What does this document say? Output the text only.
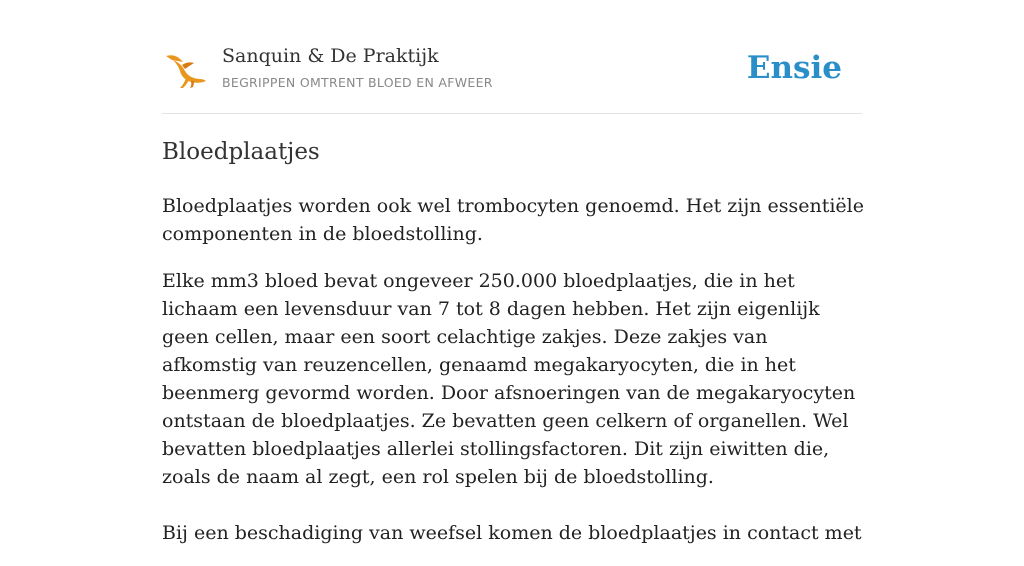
Sanquin & De Praktijk
BEGRIPPEN OMTRENT BLOED EN AFWEER	Ensie
Bloedplaatjes

Bloedplaatjes worden ook wel trombocyten genoemd. Het zijn essentiële componenten in de bloedstolling.

Elke mm3 bloed bevat ongeveer 250.000 bloedplaatjes, die in het lichaam een levensduur van 7 tot 8 dagen hebben. Het zijn eigenlijk geen cellen, maar een soort celachtige zakjes. Deze zakjes van afkomstig van reuzencellen, genaamd megakaryocyten, die in het beenmerg gevormd worden. Door afsnoeringen van de megakaryocyten ontstaan de bloedplaatjes. Ze bevatten geen celkern of organellen. Wel bevatten bloedplaatjes allerlei stollingsfactoren. Dit zijn eiwitten die, zoals de naam al zegt, een rol spelen bij de bloedstolling.

Bij een beschadiging van weefsel komen de bloedplaatjes in contact met
